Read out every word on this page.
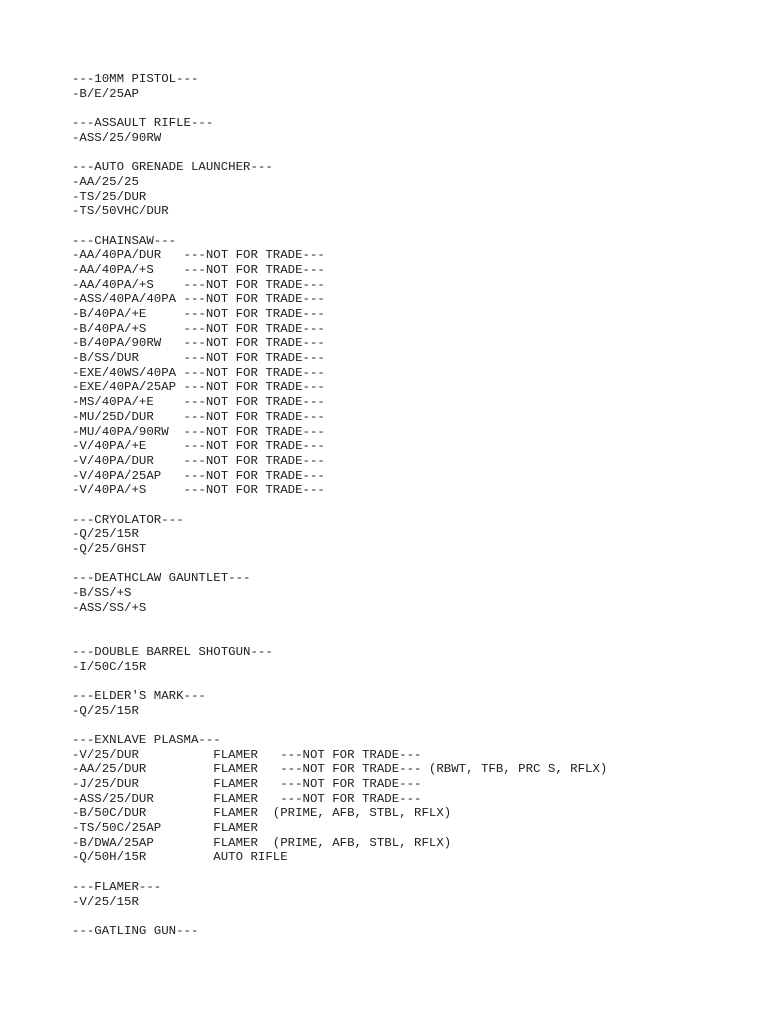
---10MM PISTOL---
-B/E/25AP
---ASSAULT RIFLE---
-ASS/25/90RW
---AUTO GRENADE LAUNCHER---
-AA/25/25
-TS/25/DUR
-TS/50VHC/DUR
---CHAINSAW---
-AA/40PA/DUR   ---NOT FOR TRADE---
-AA/40PA/+S    ---NOT FOR TRADE---
-AA/40PA/+S    ---NOT FOR TRADE---
-ASS/40PA/40PA ---NOT FOR TRADE---
-B/40PA/+E     ---NOT FOR TRADE---
-B/40PA/+S     ---NOT FOR TRADE---
-B/40PA/90RW   ---NOT FOR TRADE---
-B/SS/DUR      ---NOT FOR TRADE---
-EXE/40WS/40PA ---NOT FOR TRADE---
-EXE/40PA/25AP ---NOT FOR TRADE---
-MS/40PA/+E    ---NOT FOR TRADE---
-MU/25D/DUR    ---NOT FOR TRADE---
-MU/40PA/90RW  ---NOT FOR TRADE---
-V/40PA/+E     ---NOT FOR TRADE---
-V/40PA/DUR    ---NOT FOR TRADE---
-V/40PA/25AP   ---NOT FOR TRADE---
-V/40PA/+S     ---NOT FOR TRADE---
---CRYOLATOR---
-Q/25/15R
-Q/25/GHST
---DEATHCLAW GAUNTLET---
-B/SS/+S
-ASS/SS/+S
---DOUBLE BARREL SHOTGUN---
-I/50C/15R
---ELDER'S MARK---
-Q/25/15R
---EXNLAVE PLASMA---
-V/25/DUR          FLAMER   ---NOT FOR TRADE---
-AA/25/DUR         FLAMER   ---NOT FOR TRADE--- (RBWT, TFB, PRC S, RFLX)
-J/25/DUR          FLAMER   ---NOT FOR TRADE---
-ASS/25/DUR        FLAMER   ---NOT FOR TRADE---
-B/50C/DUR         FLAMER  (PRIME, AFB, STBL, RFLX)
-TS/50C/25AP       FLAMER
-B/DWA/25AP        FLAMER  (PRIME, AFB, STBL, RFLX)
-Q/50H/15R         AUTO RIFLE
---FLAMER---
-V/25/15R
---GATLING GUN---
